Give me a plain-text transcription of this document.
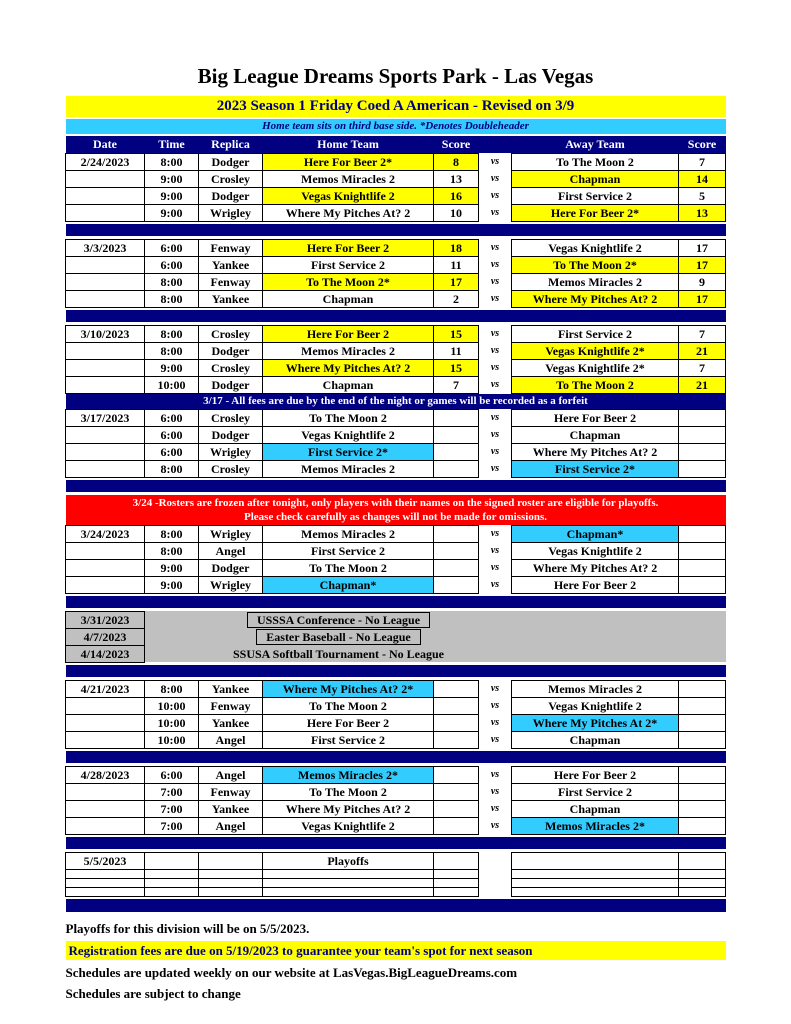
Big League Dreams Sports Park - Las Vegas
2023 Season 1 Friday Coed A American - Revised on 3/9
Home team sits on third base side. *Denotes Doubleheader
Date	Time	Replica	Home Team	Score		Away Team	Score
2/24/2023	8:00	Dodger	Here For Beer 2*	8	vs	To The Moon 2	7
	9:00	Crosley	Memos Miracles 2	13	vs	Chapman	14
	9:00	Dodger	Vegas Knightlife 2	16	vs	First Service 2	5
	9:00	Wrigley	Where My Pitches At? 2	10	vs	Here For Beer 2*	13

3/3/2023	6:00	Fenway	Here For Beer 2	18	vs	Vegas Knightlife 2	17
	6:00	Yankee	First Service 2	11	vs	To The Moon 2*	17
	8:00	Fenway	To The Moon 2*	17	vs	Memos Miracles 2	9
	8:00	Yankee	Chapman	2	vs	Where My Pitches At? 2	17

3/10/2023	8:00	Crosley	Here For Beer 2	15	vs	First Service 2	7
	8:00	Dodger	Memos Miracles 2	11	vs	Vegas Knightlife 2*	21
	9:00	Crosley	Where My Pitches At? 2	15	vs	Vegas Knightlife 2*	7
	10:00	Dodger	Chapman	7	vs	To The Moon 2	21
3/17 - All fees are due by the end of the night or games will be recorded as a forfeit							
3/17/2023	6:00	Crosley	To The Moon 2		vs	Here For Beer 2	
	6:00	Dodger	Vegas Knightlife 2		vs	Chapman	
	6:00	Wrigley	First Service 2*		vs	Where My Pitches At? 2	
	8:00	Crosley	Memos Miracles 2		vs	First Service 2*	

3/24 -Rosters are frozen after tonight, only players with their names on the signed roster are eligible for playoffs.
Please check carefully as changes will not be made for omissions.							

3/24/2023	8:00	Wrigley	Memos Miracles 2		vs	Chapman*	
	8:00	Angel	First Service 2		vs	Vegas Knightlife 2	
	9:00	Dodger	To The Moon 2		vs	Where My Pitches At? 2	
	9:00	Wrigley	Chapman*		vs	Here For Beer 2	

3/31/2023		USSSA Conference - No League					
4/7/2023		Easter Baseball - No League					
4/14/2023		SSUSA Softball Tournament - No League					

4/21/2023	8:00	Yankee	Where My Pitches At? 2*		vs	Memos Miracles 2	
	10:00	Fenway	To The Moon 2		vs	Vegas Knightlife 2	
	10:00	Yankee	Here For Beer 2		vs	Where My Pitches At 2*	
	10:00	Angel	First Service 2		vs	Chapman	

4/28/2023	6:00	Angel	Memos Miracles 2*		vs	Here For Beer 2	
	7:00	Fenway	To The Moon 2		vs	First Service 2	
	7:00	Yankee	Where My Pitches At? 2		vs	Chapman	
	7:00	Angel	Vegas Knightlife 2		vs	Memos Miracles 2*	

5/5/2023			Playoffs				

Playoffs for this division will be on 5/5/2023.
Registration fees are due on 5/19/2023 to guarantee your team's spot for next season
Schedules are updated weekly on our website at LasVegas.BigLeagueDreams.com
Schedules are subject to change
